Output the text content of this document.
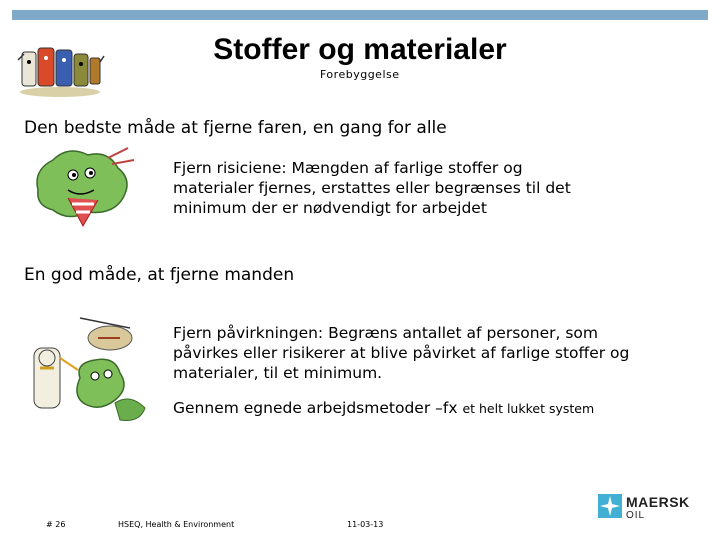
Stoffer og materialer
Forebyggelse
Den bedste måde at fjerne faren, en gang for alle
Fjern risiciene: Mængden af farlige stoffer og materialer fjernes, erstattes eller begrænses til det minimum der er nødvendigt for arbejdet
En god måde, at fjerne manden
Fjern påvirkningen: Begræns antallet af personer, som påvirkes eller risikerer at blive påvirket af farlige stoffer og materialer, til et minimum.
Gennem egnede arbejdsmetoder –fx et helt lukket system
# 26	HSEQ, Health & Environment	11-03-13
MAERSK
OIL
